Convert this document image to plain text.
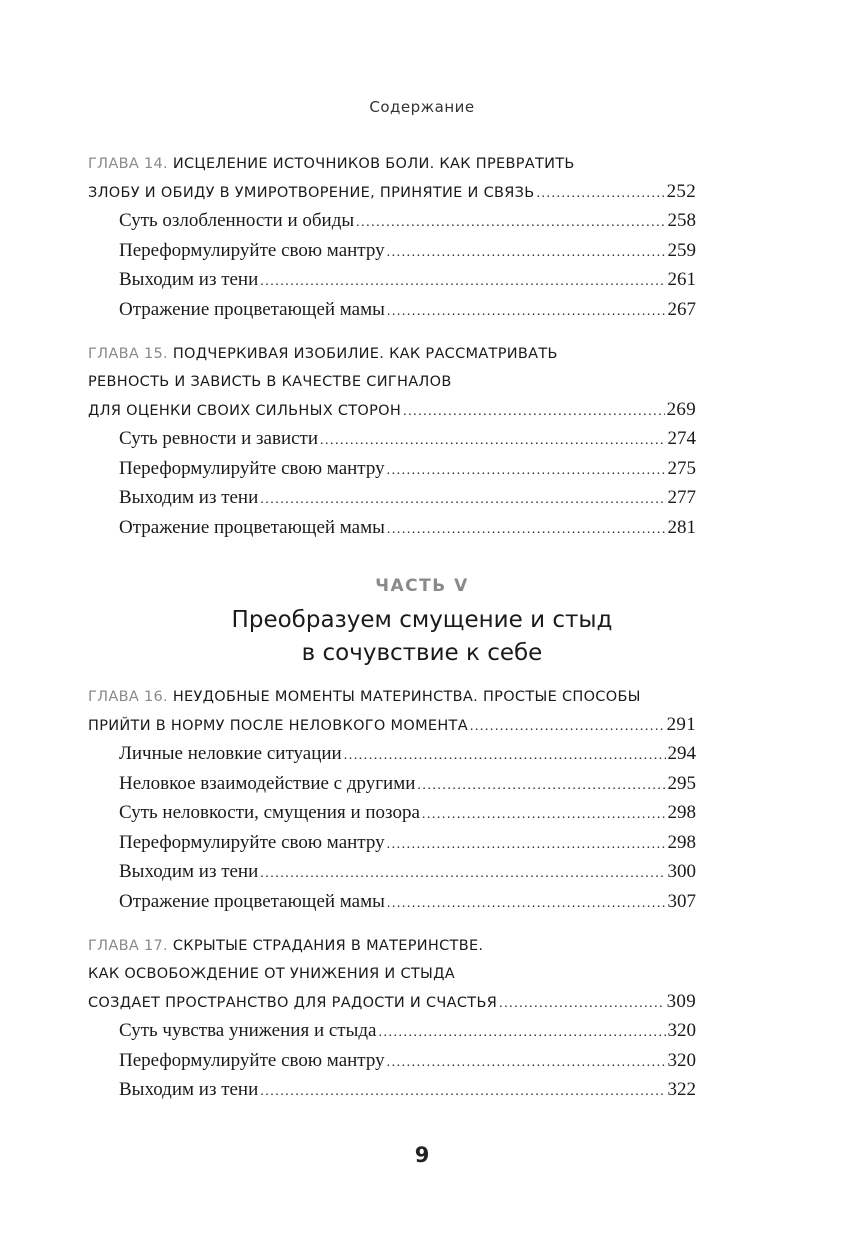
Содержание
ГЛАВА 14. ИСЦЕЛЕНИЕ ИСТОЧНИКОВ БОЛИ. КАК ПРЕВРАТИТЬ
ЗЛОБУ И ОБИДУ В УМИРОТВОРЕНИЕ, ПРИНЯТИЕ И СВЯЗЬ .....	252
Суть озлобленности и обиды .....	258
Переформулируйте свою мантру .....	259
Выходим из тени .....	261
Отражение процветающей мамы .....	267
ГЛАВА 15. ПОДЧЕРКИВАЯ ИЗОБИЛИЕ. КАК РАССМАТРИВАТЬ
РЕВНОСТЬ И ЗАВИСТЬ В КАЧЕСТВЕ СИГНАЛОВ
ДЛЯ ОЦЕНКИ СВОИХ СИЛЬНЫХ СТОРОН .....	269
Суть ревности и зависти .....	274
Переформулируйте свою мантру .....	275
Выходим из тени .....	277
Отражение процветающей мамы .....	281
ЧАСТЬ V
Преобразуем смущение и стыд
в сочувствие к себе
ГЛАВА 16. НЕУДОБНЫЕ МОМЕНТЫ МАТЕРИНСТВА. ПРОСТЫЕ СПОСОБЫ
ПРИЙТИ В НОРМУ ПОСЛЕ НЕЛОВКОГО МОМЕНТА .....	291
Личные неловкие ситуации .....	294
Неловкое взаимодействие с другими .....	295
Суть неловкости, смущения и позора .....	298
Переформулируйте свою мантру .....	298
Выходим из тени .....	300
Отражение процветающей мамы .....	307
ГЛАВА 17. СКРЫТЫЕ СТРАДАНИЯ В МАТЕРИНСТВЕ.
КАК ОСВОБОЖДЕНИЕ ОТ УНИЖЕНИЯ И СТЫДА
СОЗДАЕТ ПРОСТРАНСТВО ДЛЯ РАДОСТИ И СЧАСТЬЯ .....	309
Суть чувства унижения и стыда .....	320
Переформулируйте свою мантру .....	320
Выходим из тени .....	322
9
